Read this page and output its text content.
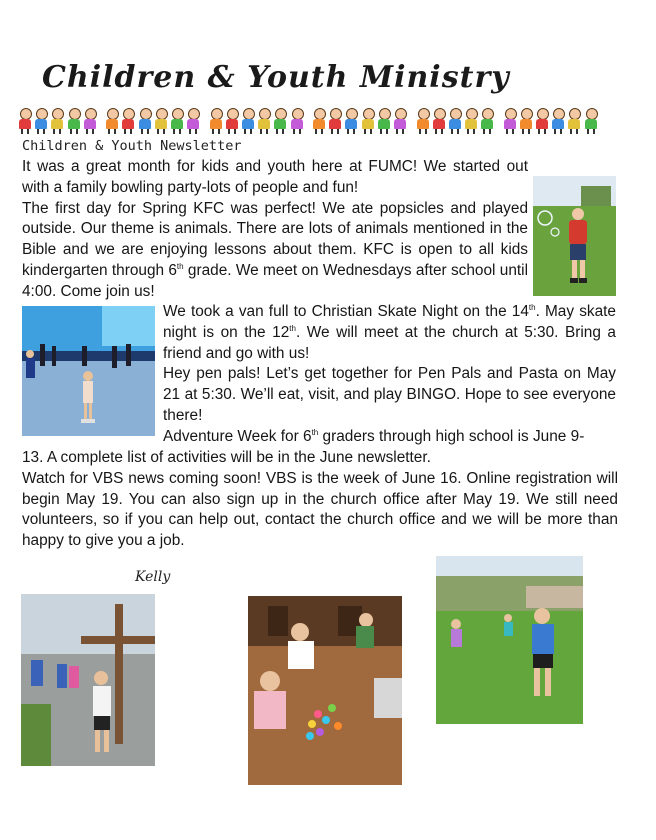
Children & Youth Ministry
Children & Youth Newsletter
It was a great month for kids and youth here at FUMC! We started out with a family bowling party-lots of people and fun!
The first day for Spring KFC was perfect! We ate popsicles and played outside. Our theme is animals. There are lots of animals mentioned in the Bible and we are enjoying lessons about them. KFC is open to all kids kindergarten through 6th grade. We meet on Wednesdays after school until 4:00. Come join us!
We took a van full to Christian Skate Night on the 14th. May skate night is on the 12th. We will meet at the church at 5:30. Bring a friend and go with us!
Hey pen pals! Let’s get together for Pen Pals and Pasta on May 21 at 5:30. We’ll eat, visit, and play BINGO. Hope to see everyone there!
Adventure Week for 6th graders through high school is June 9-
13. A complete list of activities will be in the June newsletter.
Watch for VBS news coming soon! VBS is the week of June 16. Online registration will begin May 19. You can also sign up in the church office after May 19. We still need volunteers, so if you can help out, contact the church office and we will be more than happy to give you a job.
Kelly
